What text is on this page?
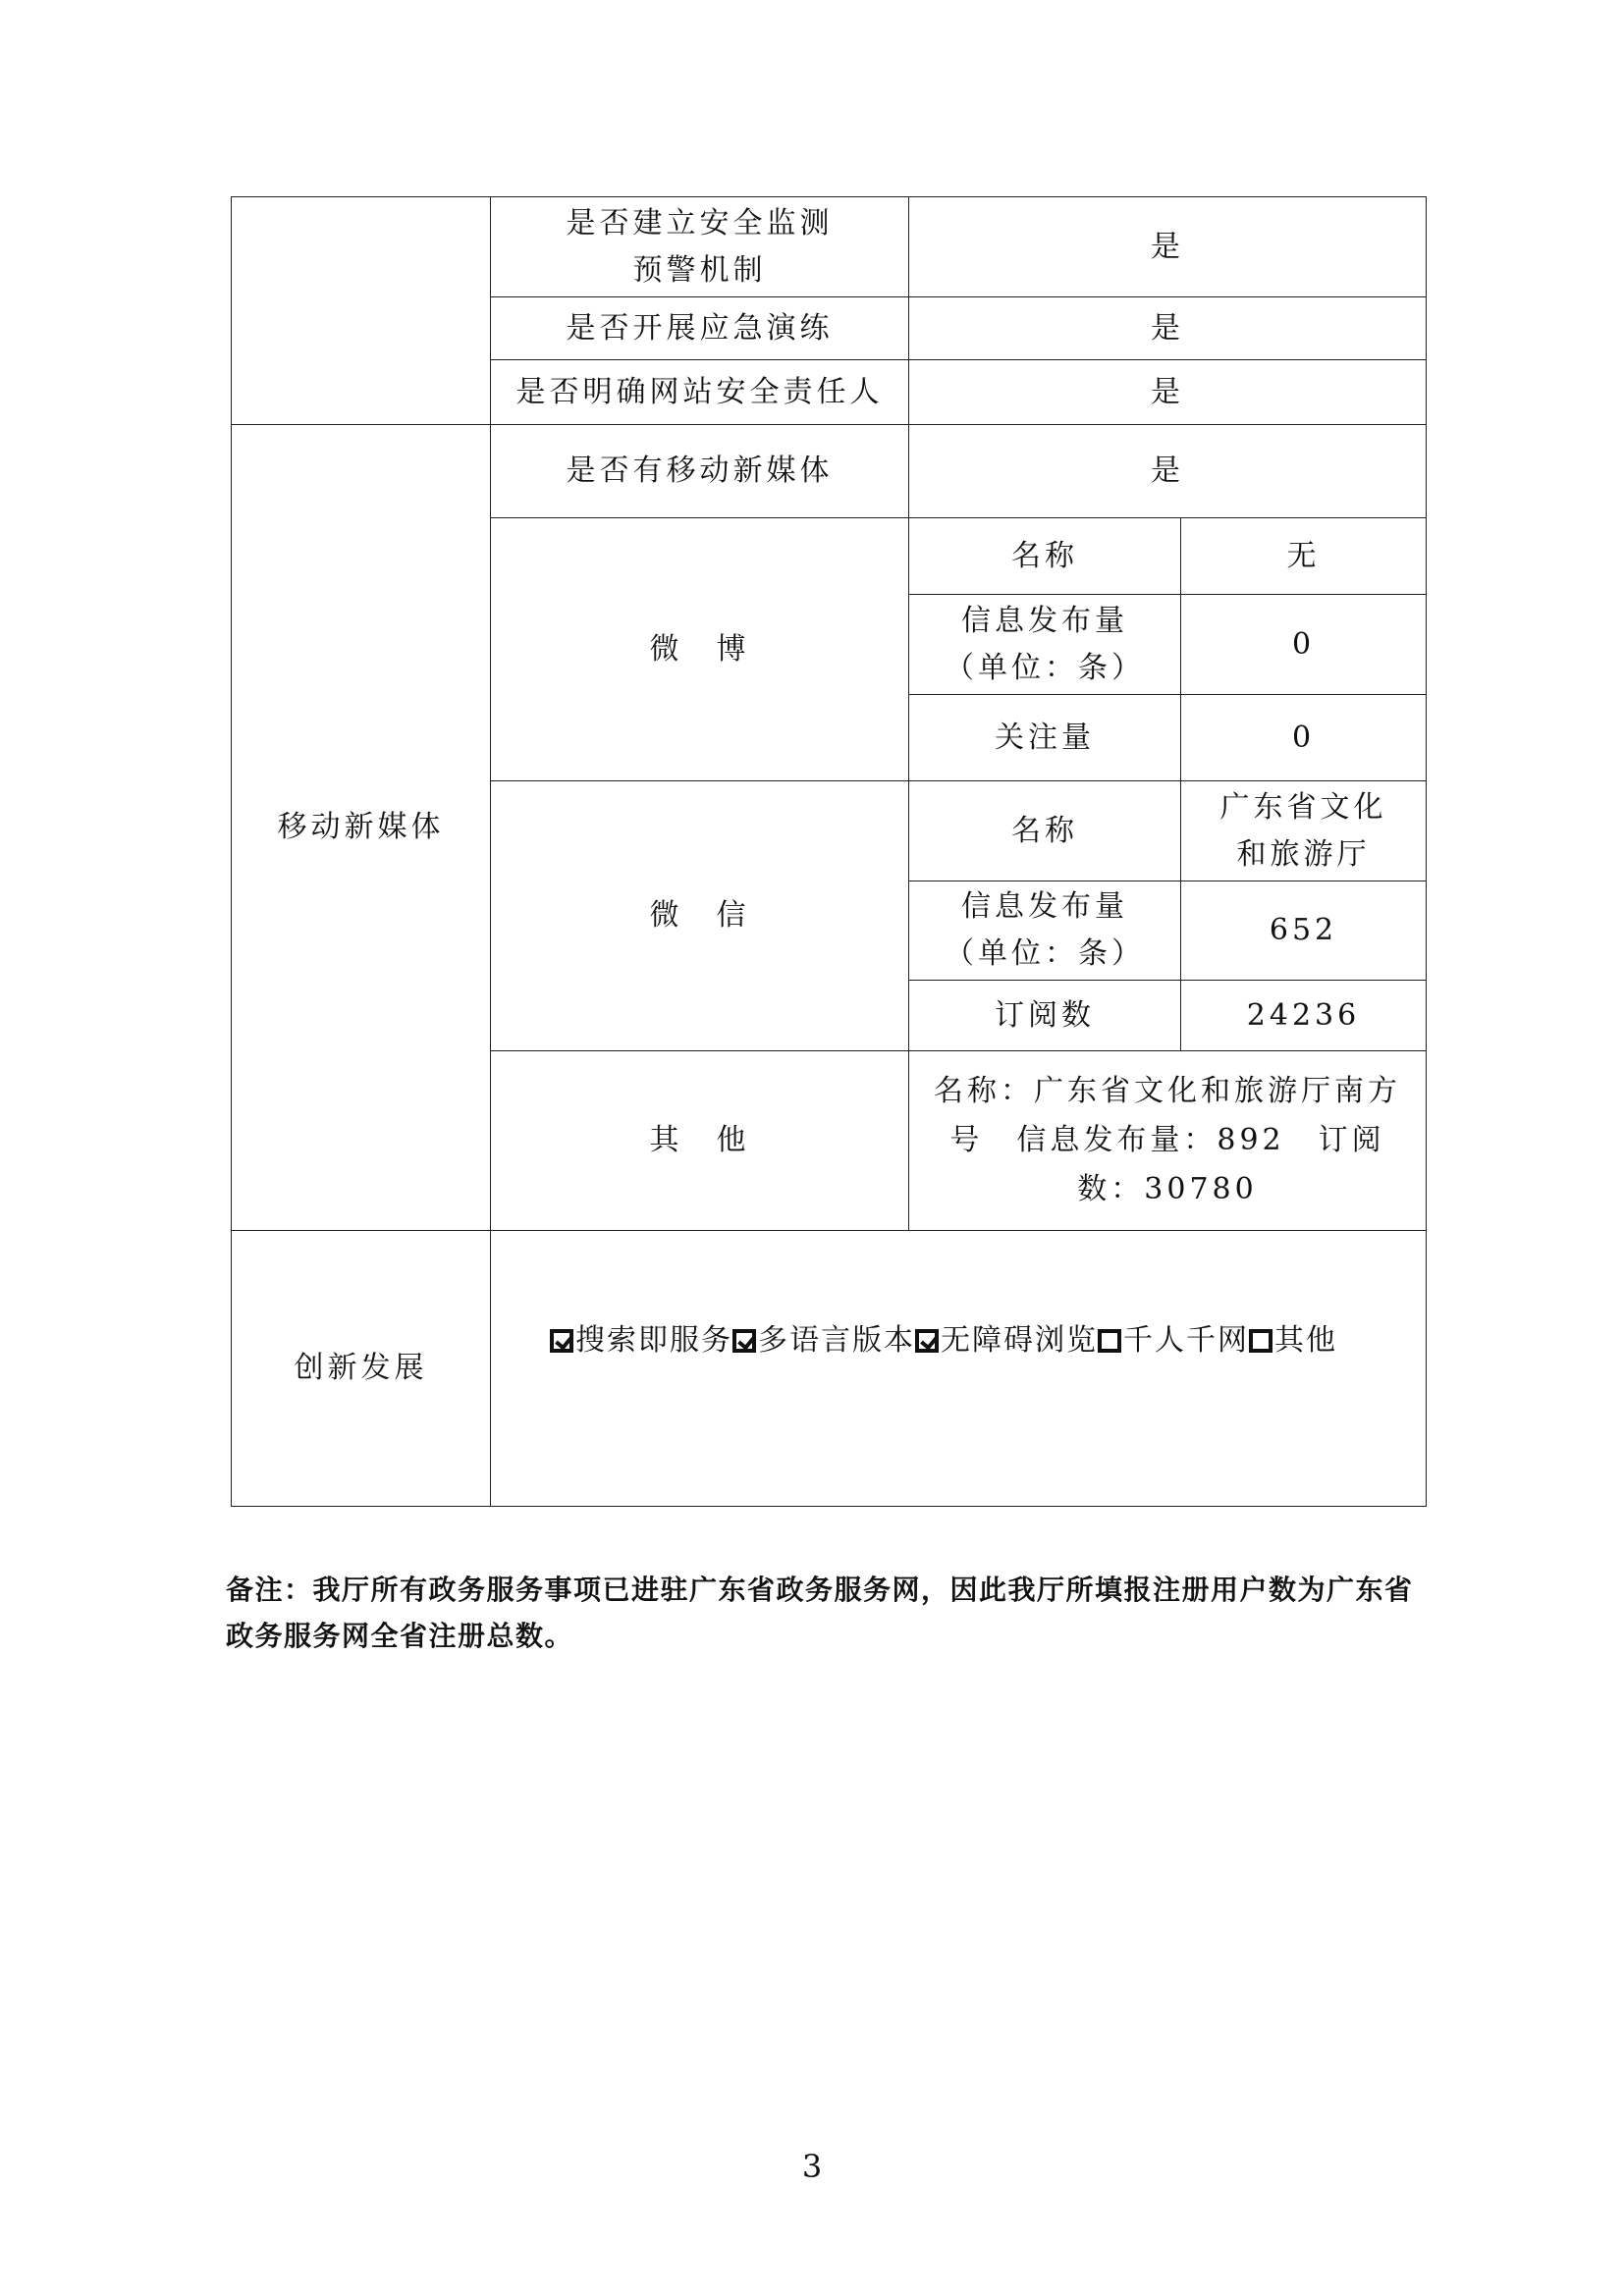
	是否建立安全监测预警机制	是	
	是否开展应急演练	是	
	是否明确网站安全责任人	是	
移动新媒体	是否有移动新媒体	是	
	微　博	名称	无
		信息发布量（单位：条）	0
		关注量	0
	微　信	名称	广东省文化和旅游厅
		信息发布量（单位：条）	652
		订阅数	24236
	其　他	名称：广东省文化和旅游厅南方号　信息发布量：892　订阅数：30780	
创新发展	搜索即服务 多语言版本 无障碍浏览 千人千网 其他		
备注：我厅所有政务服务事项已进驻广东省政务服务网，因此我厅所填报注册用户数为广东省政务服务网全省注册总数。
3
